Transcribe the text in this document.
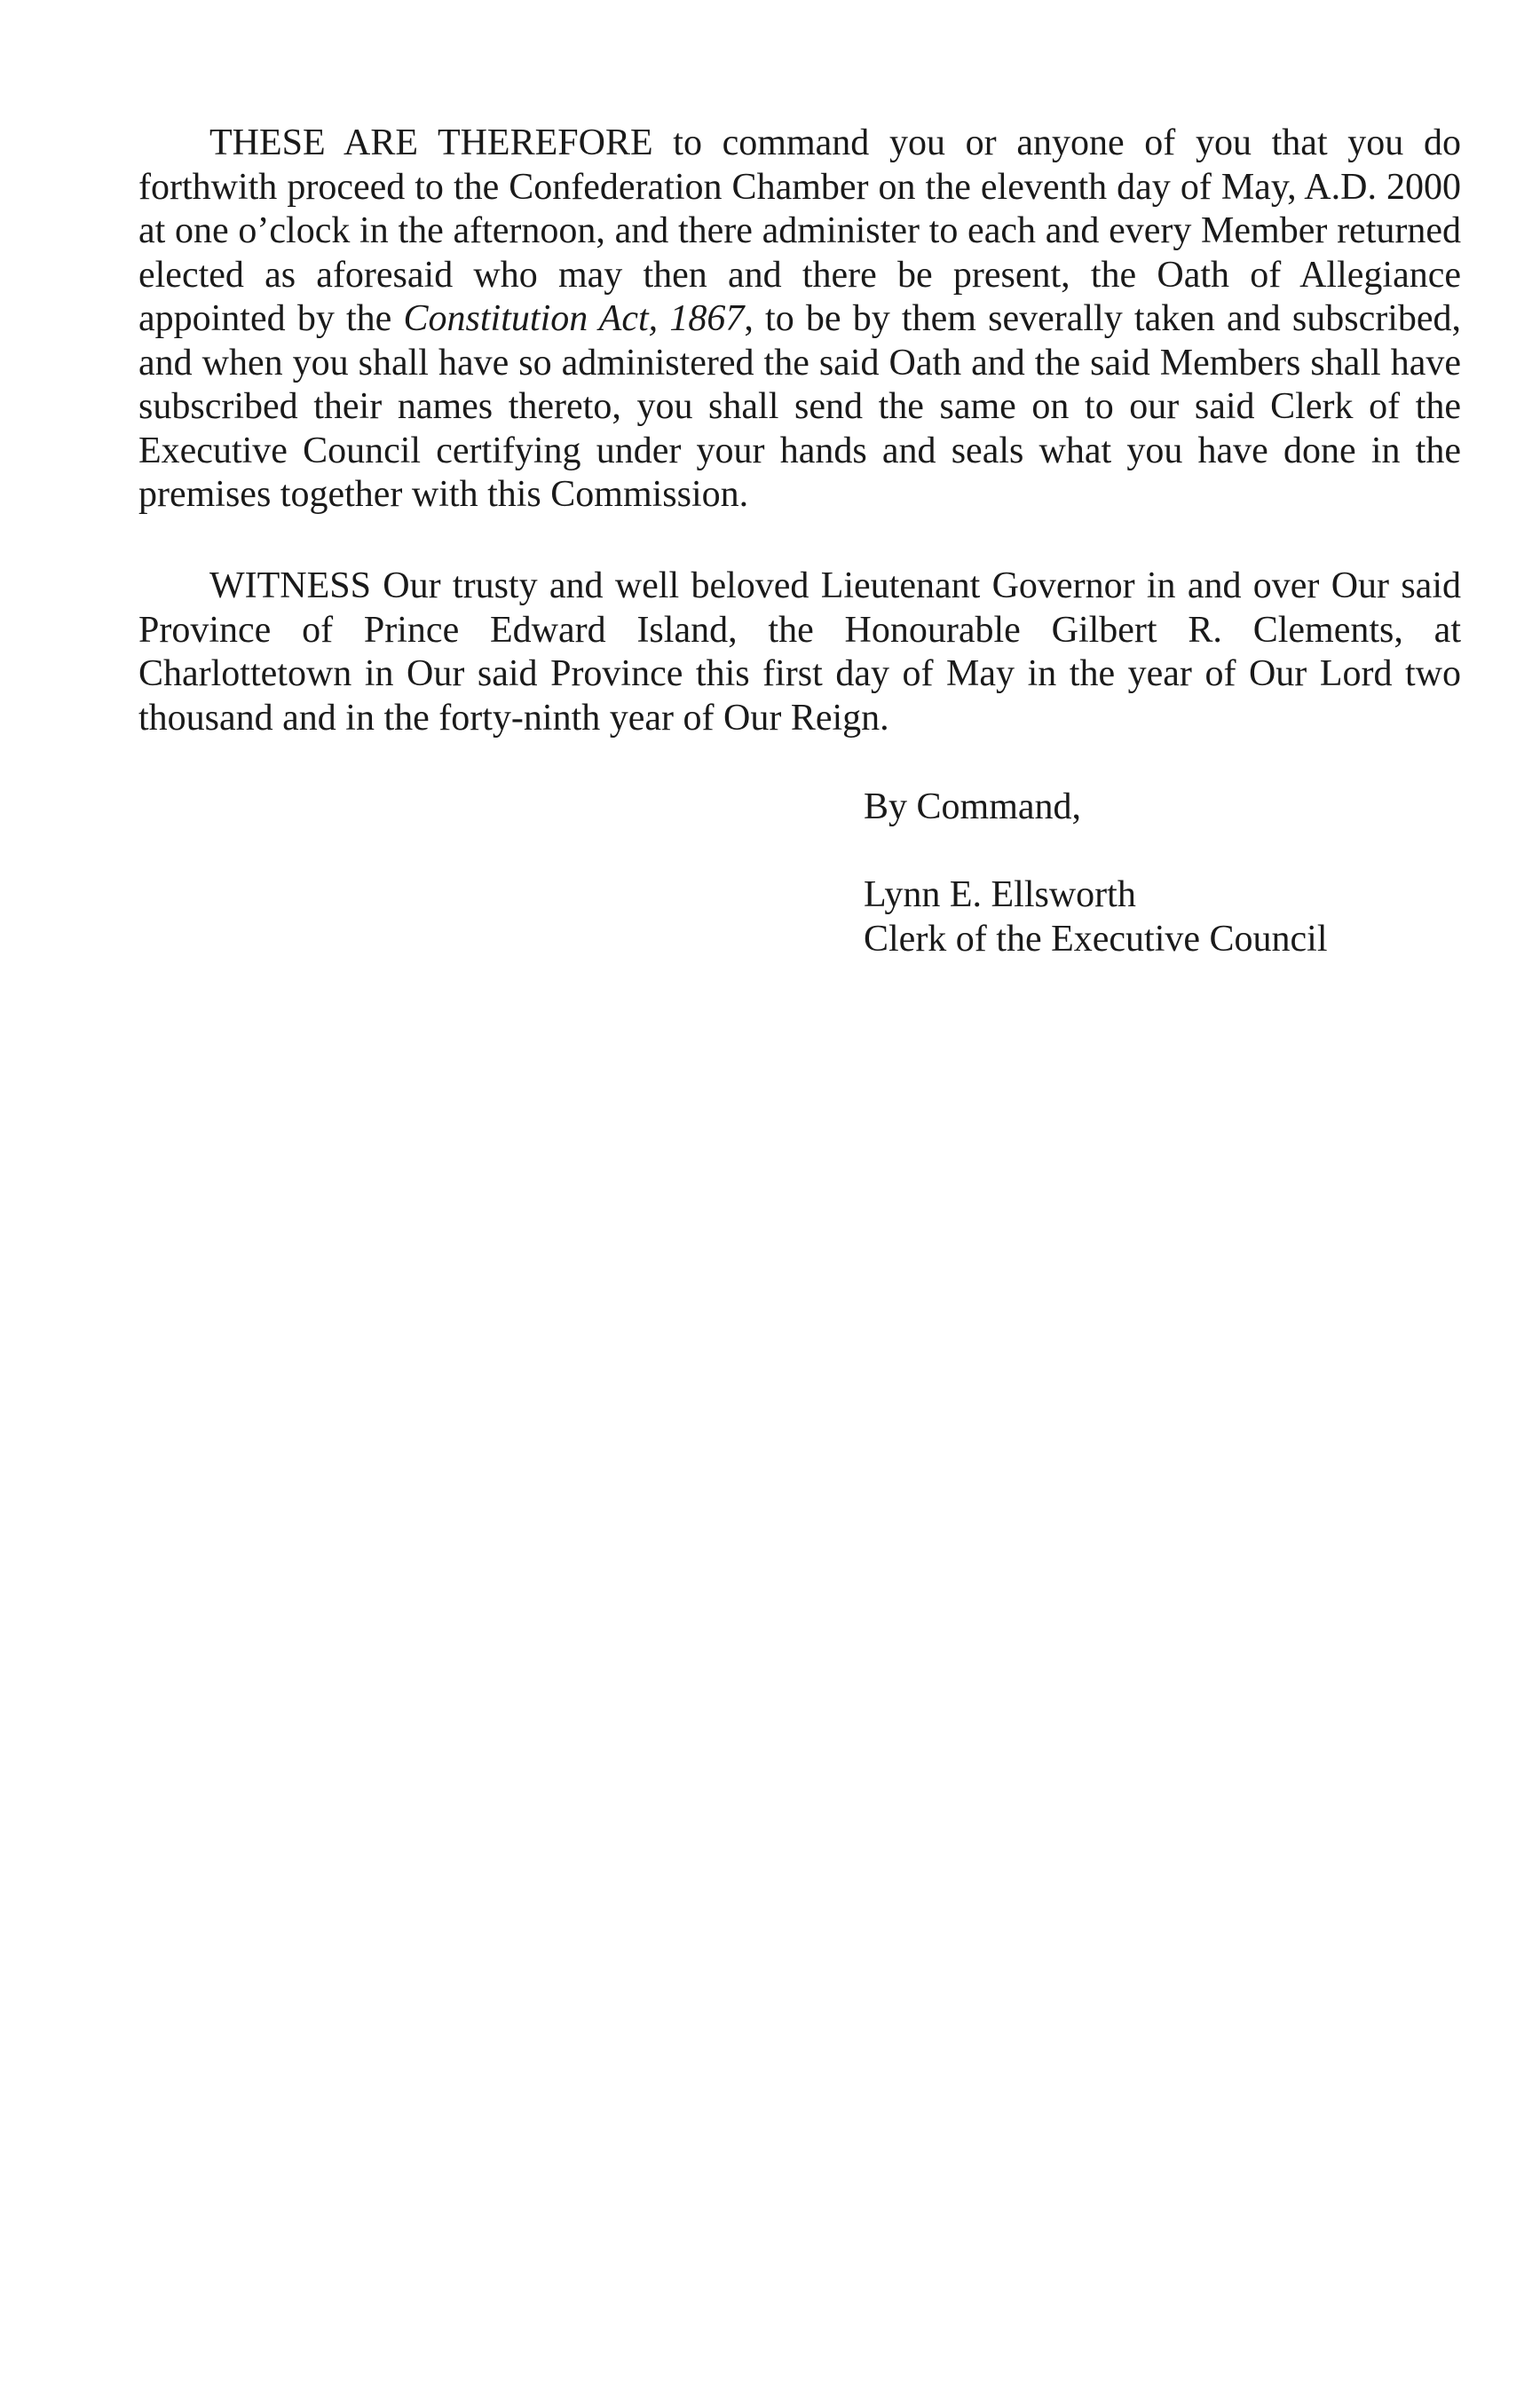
THESE ARE THEREFORE to command you or anyone of you that you do forthwith proceed to the Confederation Chamber on the eleventh day of May, A.D. 2000 at one o’clock in the afternoon, and there administer to each and every Member returned elected as aforesaid who may then and there be present, the Oath of Allegiance appointed by the Constitution Act, 1867, to be by them severally taken and subscribed, and when you shall have so administered the said Oath and the said Members shall have subscribed their names thereto, you shall send the same on to our said Clerk of the Executive Council certifying under your hands and seals what you have done in the premises together with this Commission.

WITNESS Our trusty and well beloved Lieutenant Governor in and over Our said Province of Prince Edward Island, the Honourable Gilbert R. Clements, at Charlottetown in Our said Province this first day of May in the year of Our Lord two thousand and in the forty-ninth year of Our Reign.

By Command,

Lynn E. Ellsworth

Clerk of the Executive Council
